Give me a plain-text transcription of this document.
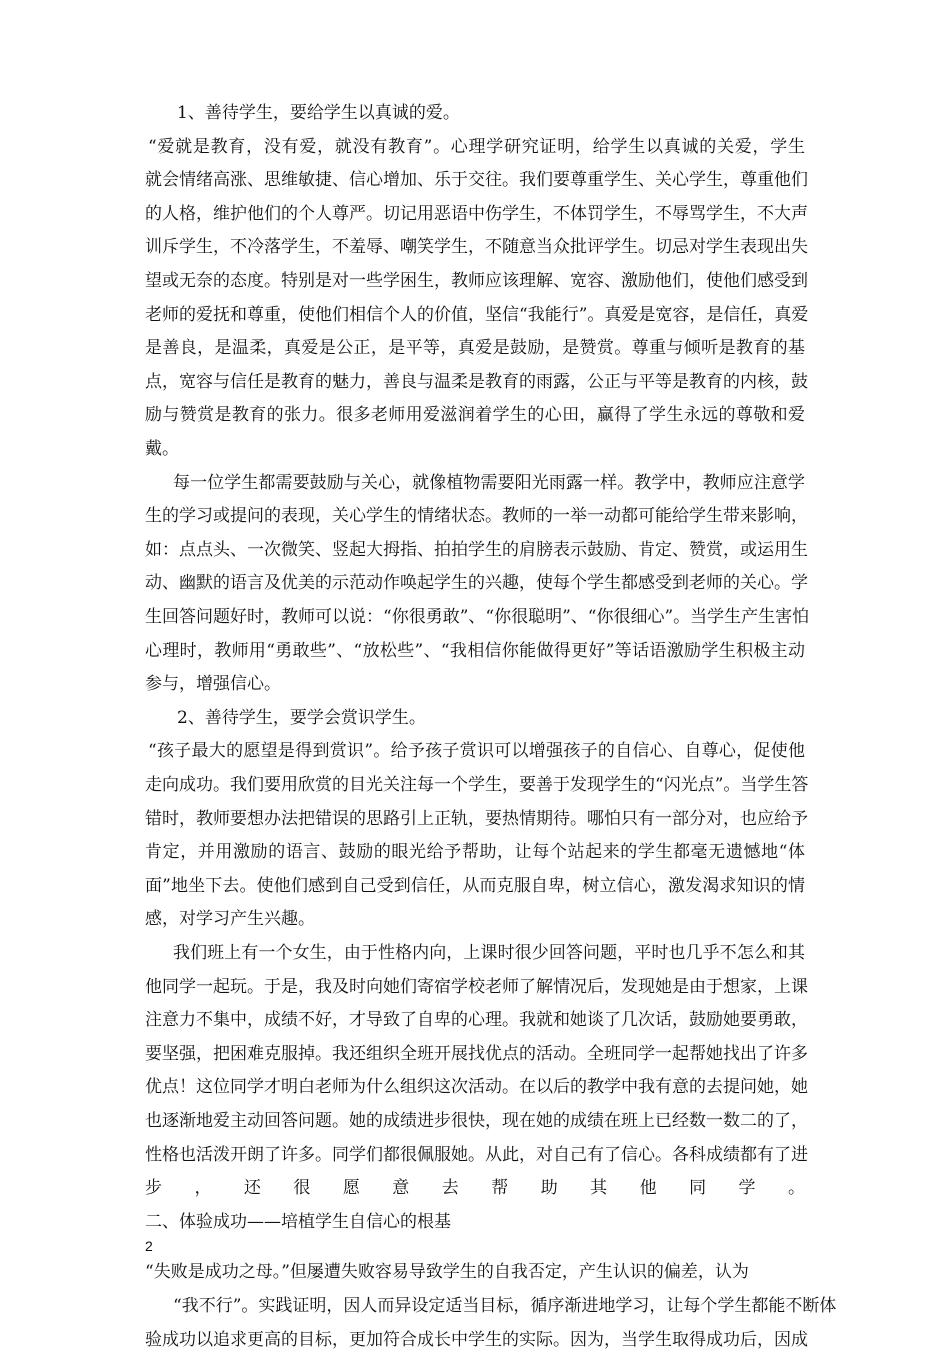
1、善待学生，要给学生以真诚的爱。
“爱就是教育，没有爱，就没有教育”。心理学研究证明，给学生以真诚的关爱，学生
就会情绪高涨、思维敏捷、信心增加、乐于交往。我们要尊重学生、关心学生，尊重他们
的人格，维护他们的个人尊严。切记用恶语中伤学生，不体罚学生，不辱骂学生，不大声
训斥学生，不冷落学生，不羞辱、嘲笑学生，不随意当众批评学生。切忌对学生表现出失
望或无奈的态度。特别是对一些学困生，教师应该理解、宽容、激励他们，使他们感受到
老师的爱抚和尊重，使他们相信个人的价值，坚信“我能行”。真爱是宽容，是信任，真爱
是善良，是温柔，真爱是公正，是平等，真爱是鼓励，是赞赏。尊重与倾听是教育的基
点，宽容与信任是教育的魅力，善良与温柔是教育的雨露，公正与平等是教育的内核，鼓
励与赞赏是教育的张力。很多老师用爱滋润着学生的心田，赢得了学生永远的尊敬和爱
戴。
每一位学生都需要鼓励与关心，就像植物需要阳光雨露一样。教学中，教师应注意学
生的学习或提问的表现，关心学生的情绪状态。教师的一举一动都可能给学生带来影响，
如：点点头、一次微笑、竖起大拇指、拍拍学生的肩膀表示鼓励、肯定、赞赏，或运用生
动、幽默的语言及优美的示范动作唤起学生的兴趣，使每个学生都感受到老师的关心。学
生回答问题好时，教师可以说：“你很勇敢”、“你很聪明”、“你很细心”。当学生产生害怕
心理时，教师用“勇敢些”、“放松些”、“我相信你能做得更好”等话语激励学生积极主动
参与，增强信心。
2、善待学生，要学会赏识学生。
“孩子最大的愿望是得到赏识”。给予孩子赏识可以增强孩子的自信心、自尊心，促使他
走向成功。我们要用欣赏的目光关注每一个学生，要善于发现学生的“闪光点”。当学生答
错时，教师要想办法把错误的思路引上正轨，要热情期待。哪怕只有一部分对，也应给予
肯定，并用激励的语言、鼓励的眼光给予帮助，让每个站起来的学生都毫无遗憾地“体
面”地坐下去。使他们感到自己受到信任，从而克服自卑，树立信心，激发渴求知识的情
感，对学习产生兴趣。
我们班上有一个女生，由于性格内向，上课时很少回答问题，平时也几乎不怎么和其
他同学一起玩。于是，我及时向她们寄宿学校老师了解情况后，发现她是由于想家，上课
注意力不集中，成绩不好，才导致了自卑的心理。我就和她谈了几次话，鼓励她要勇敢，
要坚强，把困难克服掉。我还组织全班开展找优点的活动。全班同学一起帮她找出了许多
优点！这位同学才明白老师为什么组织这次活动。在以后的教学中我有意的去提问她，她
也逐渐地爱主动回答问题。她的成绩进步很快，现在她的成绩在班上已经数一数二的了，
性格也活泼开朗了许多。同学们都很佩服她。从此，对自己有了信心。各科成绩都有了进
步，还很愿意去帮助其他同学。
二、体验成功——培植学生自信心的根基
“失败是成功之母。”但屡遭失败容易导致学生的自我否定，产生认识的偏差，认为
“我不行”。实践证明，因人而异设定适当目标，循序渐进地学习，让每个学生都能不断体
验成功以追求更高的目标，更加符合成长中学生的实际。因为，当学生取得成功后，因成
2
